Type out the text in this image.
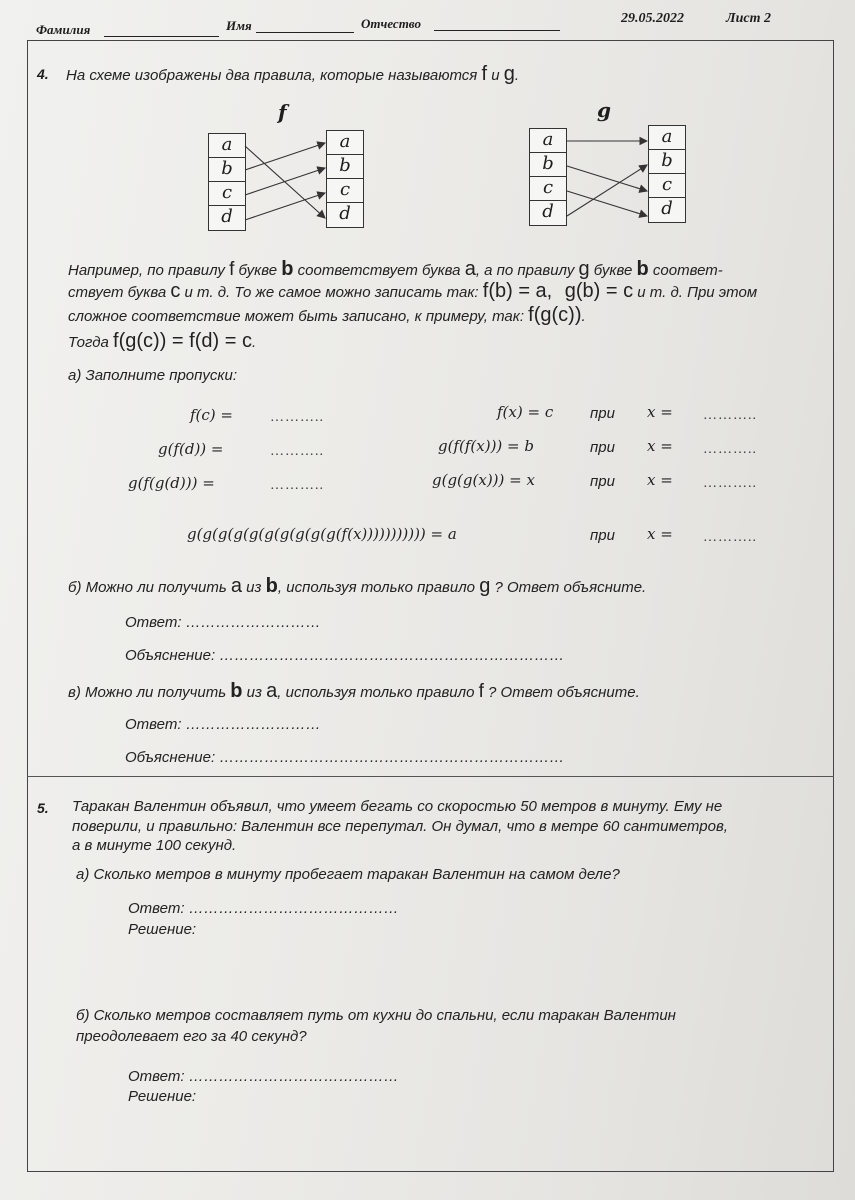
Фамилия	Имя	Отчество	29.05.2022	Лист 2
4. На схеме изображены два правила, которые называются f и g.
f
a
b
c
d
a
b
c
d
g
a
b
c
d
a
b
c
d
Например, по правилу f букве b соответствует буква a, а по правилу g букве b соответ-
ствует буква c и т. д. То же самое можно записать так: f(b) = a, g(b) = c и т. д. При этом
сложное соответствие может быть записано, к примеру, так: f(g(c)).
Тогда f(g(c)) = f(d) = c.
а) Заполните пропуски:
f(c) =	………..
g(f(d)) =	………..
g(f(g(d))) =	………..
f(x) = c при x = ………..
g(f(f(x))) = b	при x = ………..
g(g(g(x))) = x	при x = ………..
g(g(g(g(g(g(g(g(g(g(f(x))))))))))) = a	при x = ………..
б) Можно ли получить a из b, используя только правило g ? Ответ объясните.
Ответ: ………………………
Объяснение: ……………………………………………………………
в) Можно ли получить b из a, используя только правило f ? Ответ объясните.
Ответ: ………………………
Объяснение: ……………………………………………………………
5. Таракан Валентин объявил, что умеет бегать со скоростью 50 метров в минуту. Ему не
поверили, и правильно: Валентин все перепутал. Он думал, что в метре 60 сантиметров,
а в минуте 100 секунд.
а) Сколько метров в минуту пробегает таракан Валентин на самом деле?
Ответ: ……………………………………
Решение:
б) Сколько метров составляет путь от кухни до спальни, если таракан Валентин
преодолевает его за 40 секунд?
Ответ: ……………………………………
Решение:
